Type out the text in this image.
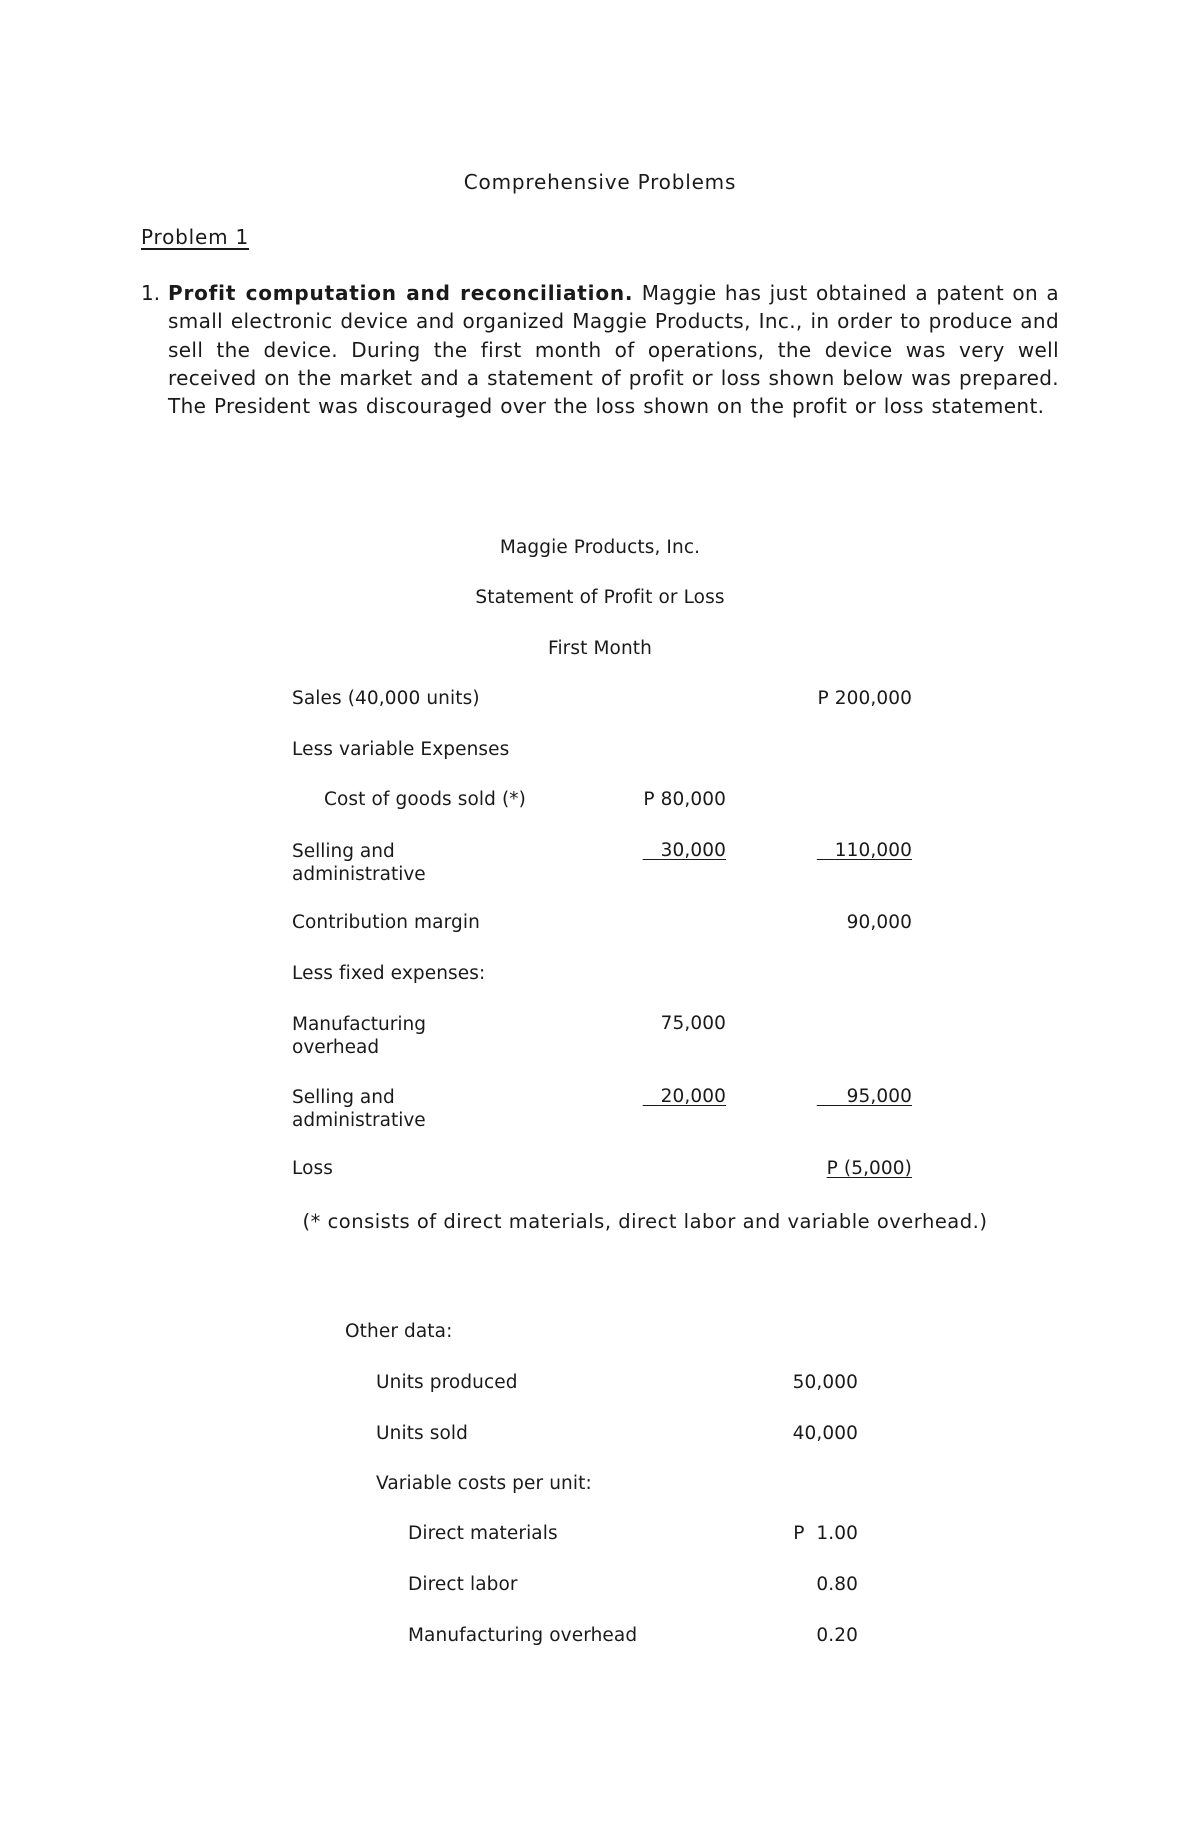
Comprehensive Problems
Problem 1
1. Profit computation and reconciliation. Maggie has just obtained a patent on a small electronic device and organized Maggie Products, Inc., in order to produce and sell the device. During the first month of operations, the device was very well received on the market and a statement of profit or loss shown below was prepared. The President was discouraged over the loss shown on the profit or loss statement.
Maggie Products, Inc.
Statement of Profit or Loss
First Month
Sales (40,000 units)	P 200,000
Less variable Expenses
Cost of goods sold (*)	P 80,000
Selling and
administrative
30,000	110,000
Contribution margin	90,000
Less fixed expenses:
Manufacturing
overhead
75,000
Selling and
administrative
20,000	95,000
Loss	P (5,000)
(* consists of direct materials, direct labor and variable overhead.)
Other data:
Units produced	50,000
Units sold	40,000
Variable costs per unit:
Direct materials	P  1.00
Direct labor	0.80
Manufacturing overhead	0.20
